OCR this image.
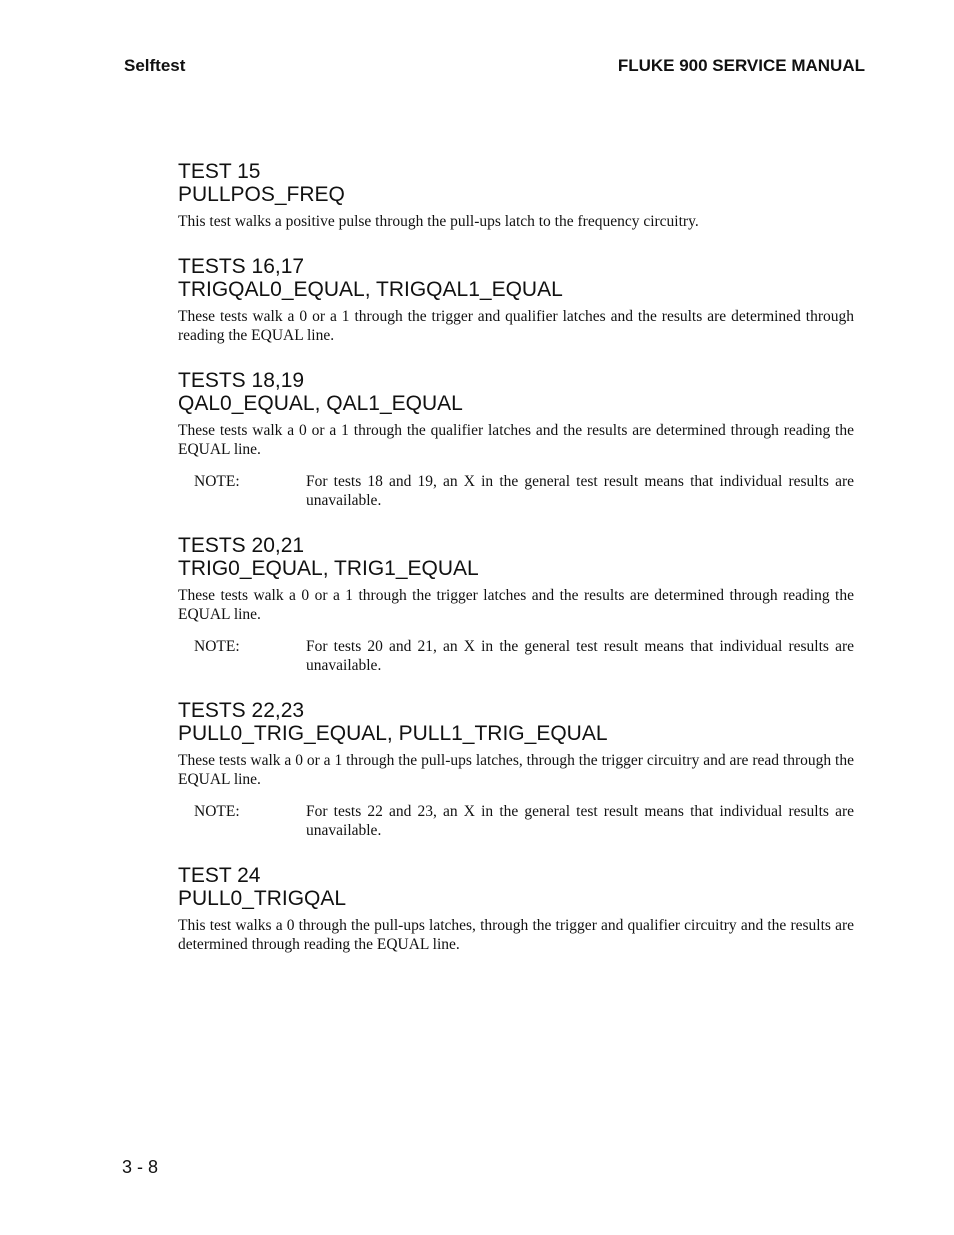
Selftest	FLUKE 900 SERVICE MANUAL
TEST 15
PULLPOS_FREQ

This test walks a positive pulse through the pull-ups latch to the frequency circuitry.

TESTS 16,17
TRIGQAL0_EQUAL, TRIGQAL1_EQUAL

These tests walk a 0 or a 1 through the trigger and qualifier latches and the results are determined through reading the EQUAL line.

TESTS 18,19
QAL0_EQUAL, QAL1_EQUAL

These tests walk a 0 or a 1 through the qualifier latches and the results are determined through reading the EQUAL line.

NOTE:	For tests 18 and 19, an X in the general test result means that individual results are unavailable.
TESTS 20,21
TRIG0_EQUAL, TRIG1_EQUAL

These tests walk a 0 or a 1 through the trigger latches and the results are determined through reading the EQUAL line.

NOTE:	For tests 20 and 21, an X in the general test result means that individual results are unavailable.
TESTS 22,23
PULL0_TRIG_EQUAL, PULL1_TRIG_EQUAL

These tests walk a 0 or a 1 through the pull-ups latches, through the trigger circuitry and are read through the EQUAL line.

NOTE:	For tests 22 and 23, an X in the general test result means that individual results are unavailable.
TEST 24
PULL0_TRIGQAL

This test walks a 0 through the pull-ups latches, through the trigger and qualifier circuitry and the results are determined through reading the EQUAL line.

3 - 8
